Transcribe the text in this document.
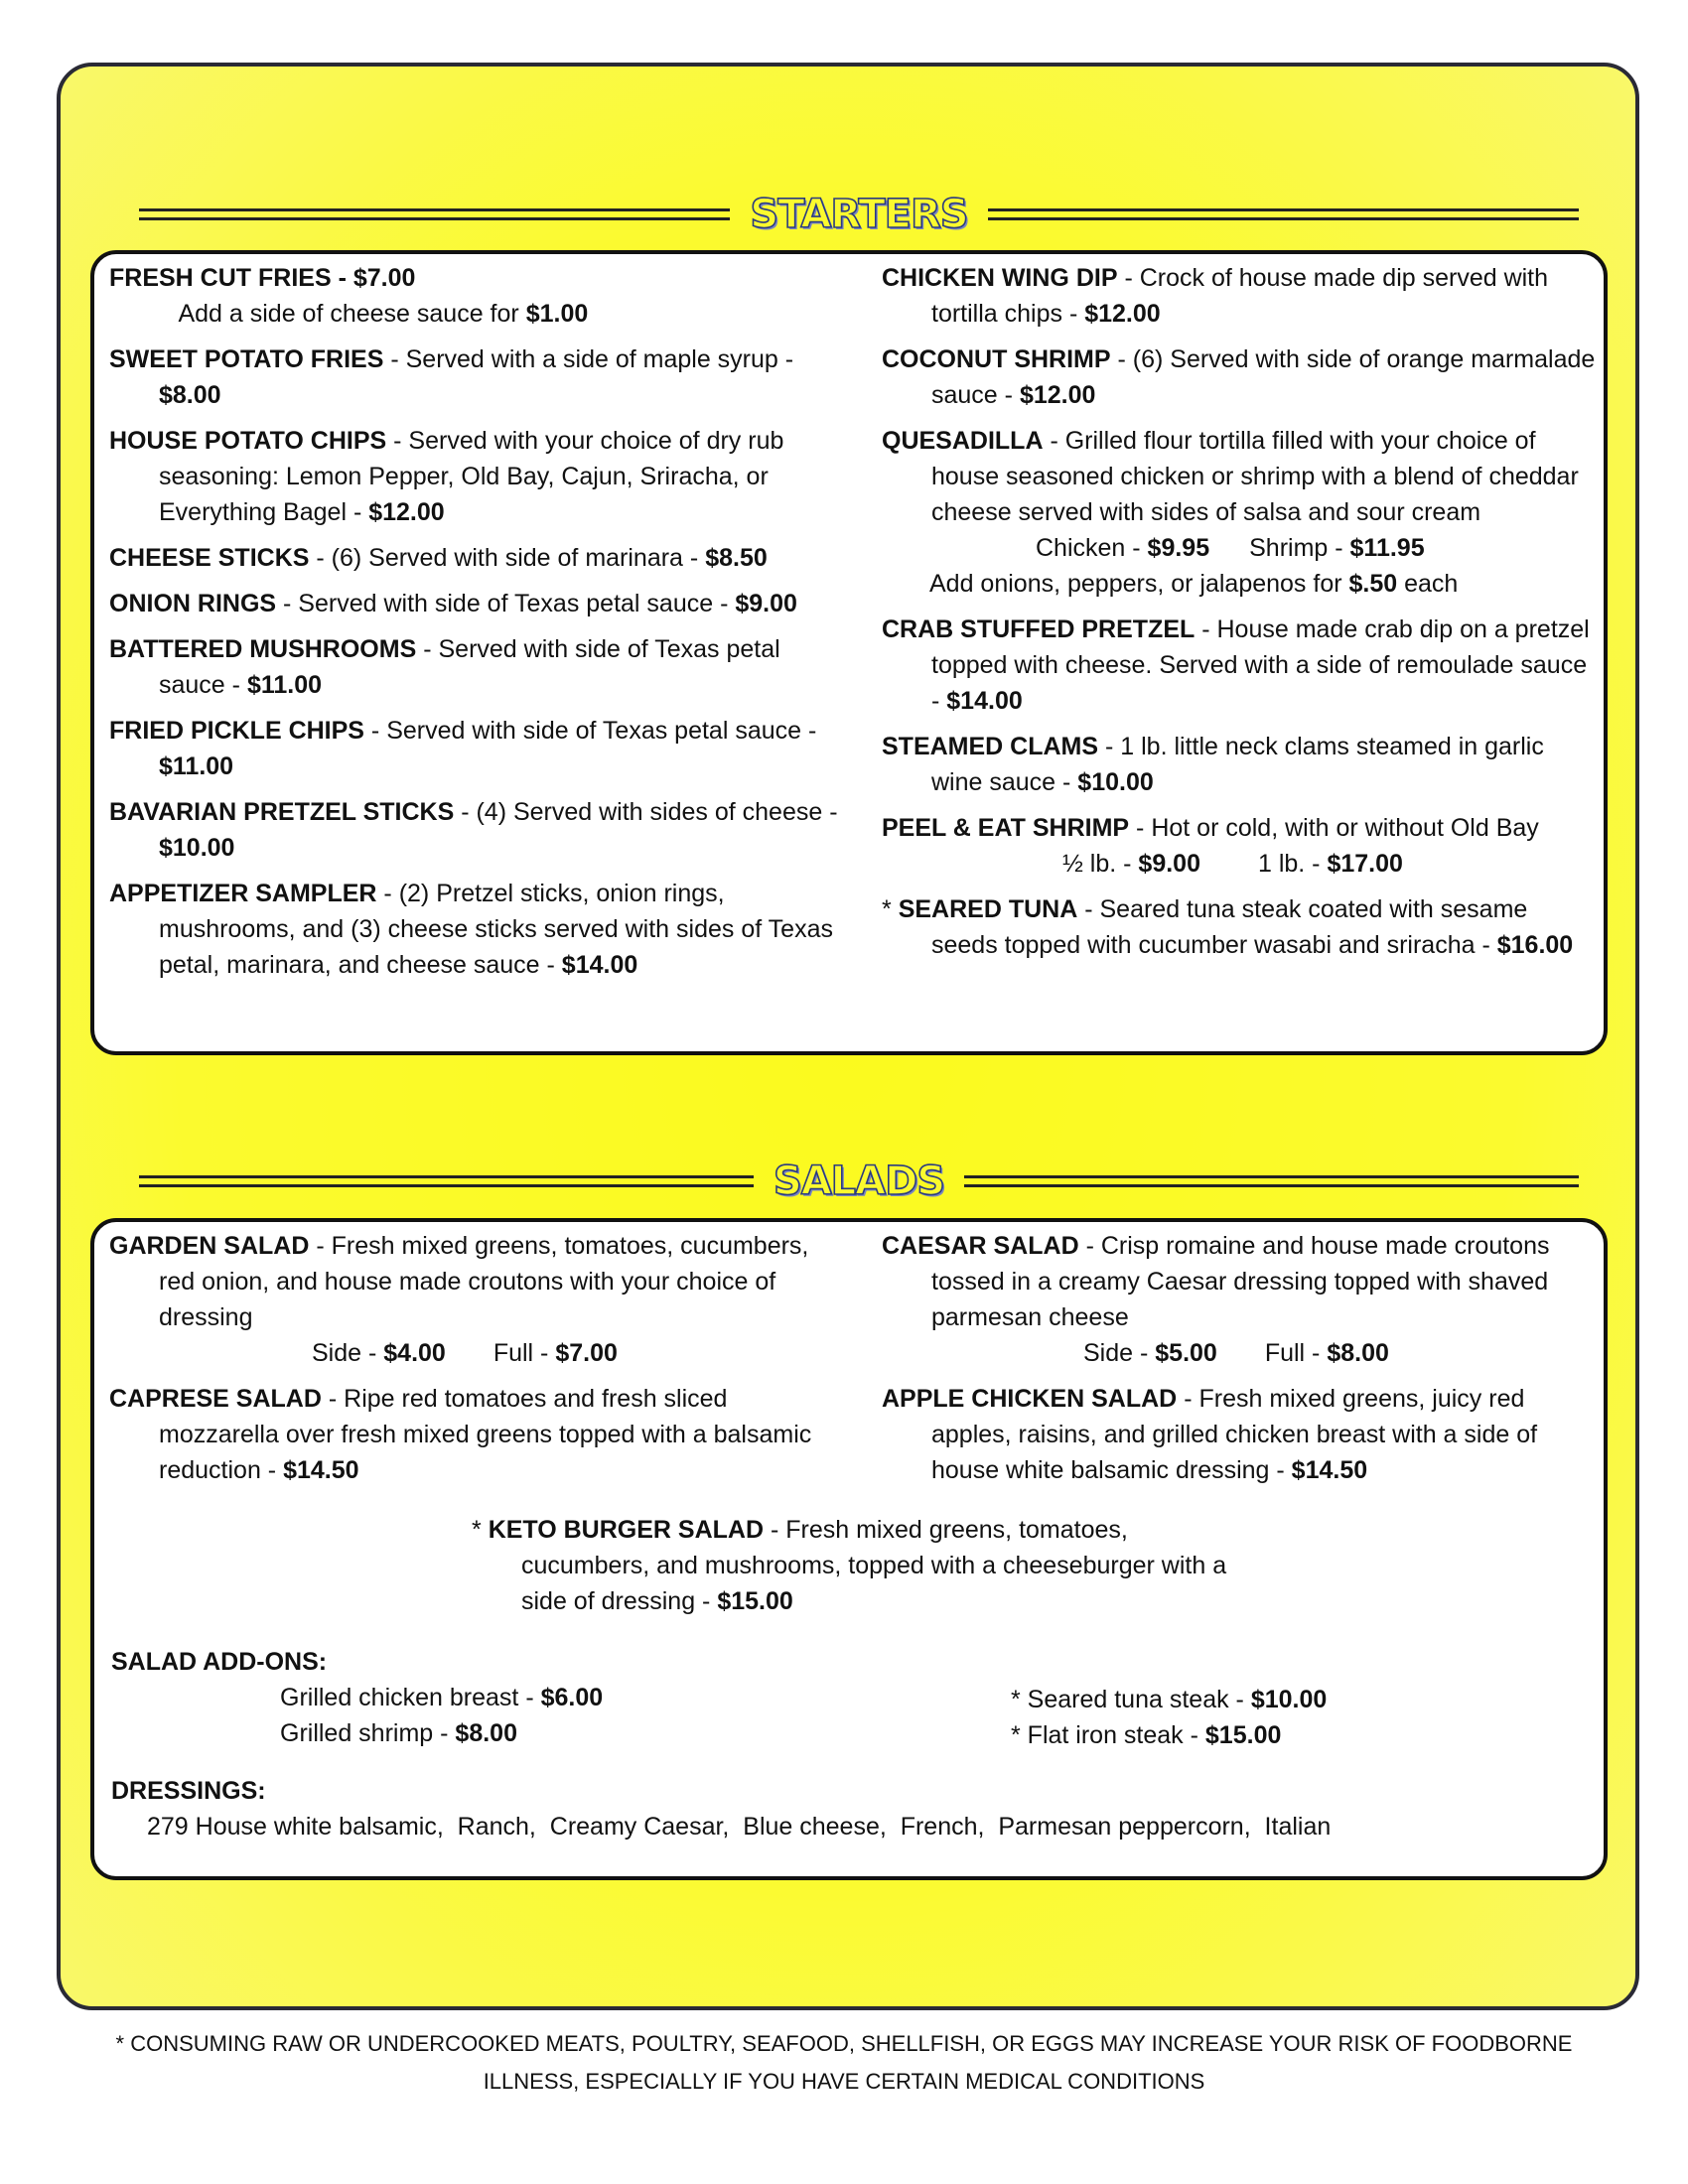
STARTERS
FRESH CUT FRIES - $7.00   Add a side of cheese sauce for $1.00
SWEET POTATO FRIES - Served with a side of maple syrup - $8.00
HOUSE POTATO CHIPS - Served with your choice of dry rub seasoning: Lemon Pepper, Old Bay, Cajun, Sriracha, or Everything Bagel - $12.00
CHEESE STICKS - (6) Served with side of marinara - $8.50
ONION RINGS - Served with side of Texas petal sauce - $9.00
BATTERED MUSHROOMS - Served with side of Texas petal sauce - $11.00
FRIED PICKLE CHIPS - Served with side of Texas petal sauce - $11.00
BAVARIAN PRETZEL STICKS - (4) Served with sides of cheese - $10.00
APPETIZER SAMPLER - (2) Pretzel sticks, onion rings, mushrooms, and (3) cheese sticks served with sides of Texas petal, marinara, and cheese sauce - $14.00
CHICKEN WING DIP - Crock of house made dip served with tortilla chips - $12.00
COCONUT SHRIMP - (6) Served with side of orange marmalade sauce - $12.00
QUESADILLA - Grilled flour tortilla filled with your choice of house seasoned chicken or shrimp with a blend of cheddar cheese served with sides of salsa and sour cream
Chicken - $9.95 Shrimp - $11.95
Add onions, peppers, or jalapenos for $.50 each
CRAB STUFFED PRETZEL - House made crab dip on a pretzel topped with cheese. Served with a side of remoulade sauce - $14.00
STEAMED CLAMS - 1 lb. little neck clams steamed in garlic wine sauce - $10.00
PEEL & EAT SHRIMP - Hot or cold, with or without Old Bay
½ lb. - $9.00 1 lb. - $17.00
* SEARED TUNA - Seared tuna steak coated with sesame seeds topped with cucumber wasabi and sriracha - $16.00
SALADS
GARDEN SALAD - Fresh mixed greens, tomatoes, cucumbers, red onion, and house made croutons with your choice of dressing
Side - $4.00 Full - $7.00
CAPRESE SALAD - Ripe red tomatoes and fresh sliced mozzarella over fresh mixed greens topped with a balsamic reduction - $14.50
CAESAR SALAD - Crisp romaine and house made croutons tossed in a creamy Caesar dressing topped with shaved parmesan cheese
Side - $5.00 Full - $8.00
APPLE CHICKEN SALAD - Fresh mixed greens, juicy red apples, raisins, and grilled chicken breast with a side of house white balsamic dressing - $14.50
* KETO BURGER SALAD - Fresh mixed greens, tomatoes, cucumbers, and mushrooms, topped with a cheeseburger with a side of dressing - $15.00
SALAD ADD-ONS:
Grilled chicken breast - $6.00
Grilled shrimp - $8.00
* Seared tuna steak - $10.00
* Flat iron steak - $15.00
DRESSINGS:
279 House white balsamic,  Ranch,  Creamy Caesar,  Blue cheese,  French,  Parmesan peppercorn,  Italian
* CONSUMING RAW OR UNDERCOOKED MEATS, POULTRY, SEAFOOD, SHELLFISH, OR EGGS MAY INCREASE YOUR RISK OF FOODBORNE
ILLNESS, ESPECIALLY IF YOU HAVE CERTAIN MEDICAL CONDITIONS
